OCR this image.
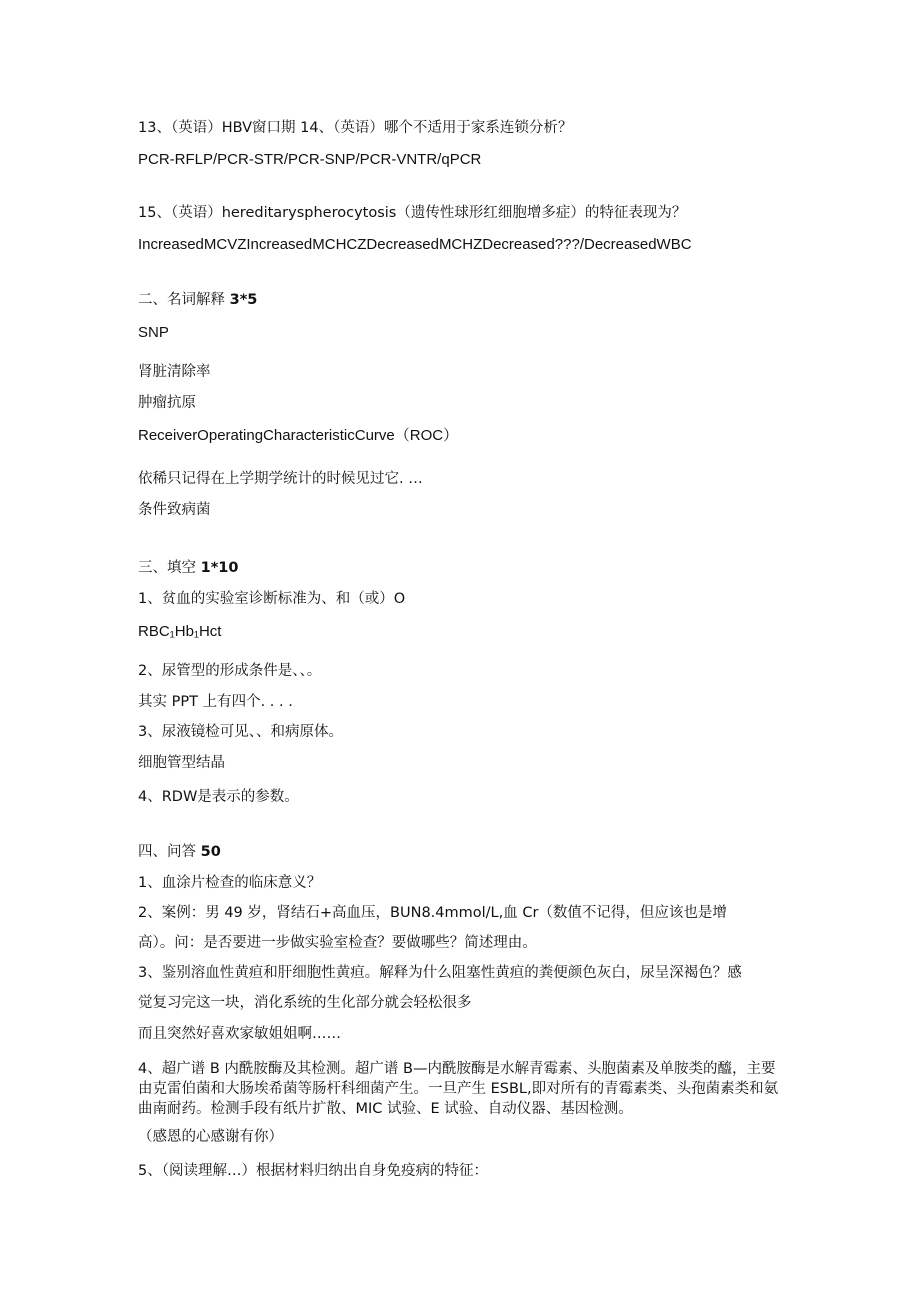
13、（英语）HBV窗口期 14、（英语）哪个不适用于家系连锁分析？

PCR-RFLP/PCR-STR/PCR-SNP/PCR-VNTR/qPCR

15、（英语）hereditaryspherocytosis（遗传性球形红细胞增多症）的特征表现为？

IncreasedMCVZIncreasedMCHCZDecreasedMCHZDecreased???/DecreasedWBC

二、名词解释 3*5

SNP

肾脏清除率

肿瘤抗原

ReceiverOperatingCharacteristicCurve（ROC）

依稀只记得在上学期学统计的时候见过它. …

条件致病菌

三、填空 1*10

1、贫血的实验室诊断标准为、和（或）O

RBC₁Hb₁Hct

2、尿管型的形成条件是、、。

其实 PPT 上有四个. . . .

3、尿液镜检可见、、和病原体。

细胞管型结晶

4、RDW是表示的参数。

四、问答 50

1、血涂片检查的临床意义？

2、案例：男 49 岁，肾结石+高血压，BUN8.4mmol/L,血 Cr（数值不记得，但应该也是增

高）。问：是否要进一步做实验室检查？要做哪些？简述理由。

3、鉴别溶血性黄疸和肝细胞性黄疸。解释为什么阻塞性黄疸的粪便颜色灰白，尿呈深褐色？感

觉复习完这一块，消化系统的生化部分就会轻松很多

而且突然好喜欢家敏姐姐啊……

4、超广谱 B 内酰胺酶及其检测。超广谱 B—内酰胺酶是水解青霉素、头胞菌素及单胺类的醯，主要由克雷伯菌和大肠埃希菌等肠杆科细菌产生。一旦产生 ESBL,即对所有的青霉素类、头孢菌素类和氨曲南耐药。检测手段有纸片扩散、MIC 试验、E 试验、自动仪器、基因检测。

（感恩的心感谢有你）

5、（阅读理解…）根据材料归纳出自身免疫病的特征：
